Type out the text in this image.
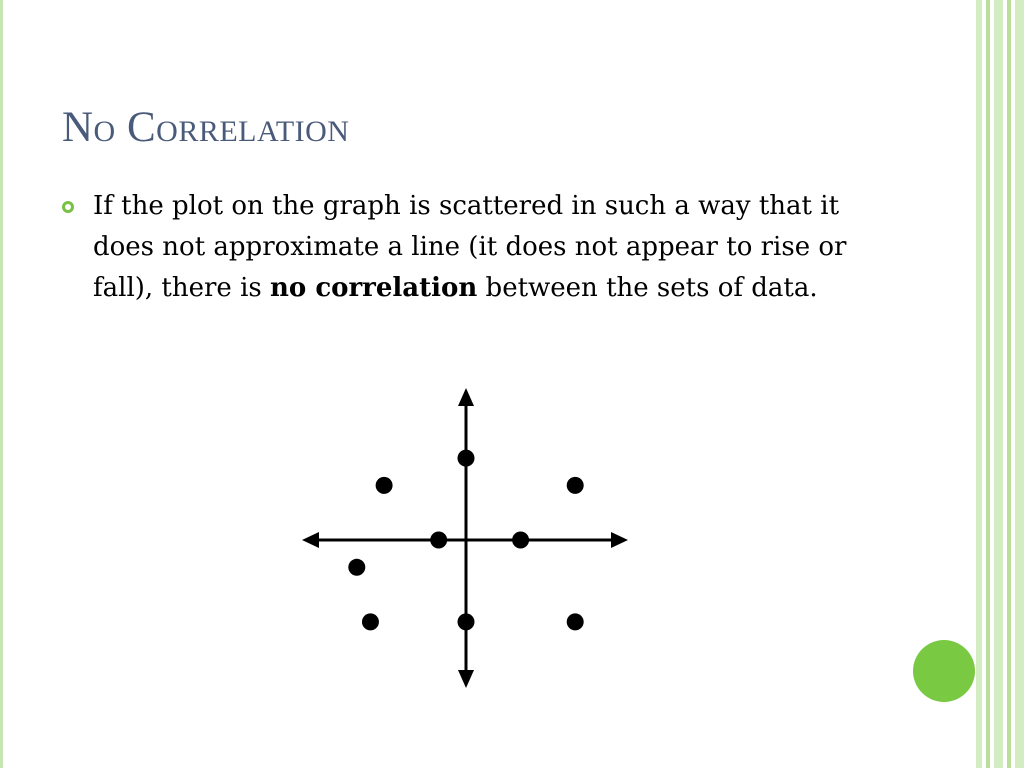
No Correlation
If the plot on the graph is scattered in such a way that it does not approximate a line (it does not appear to rise or fall), there is no correlation between the sets of data.
